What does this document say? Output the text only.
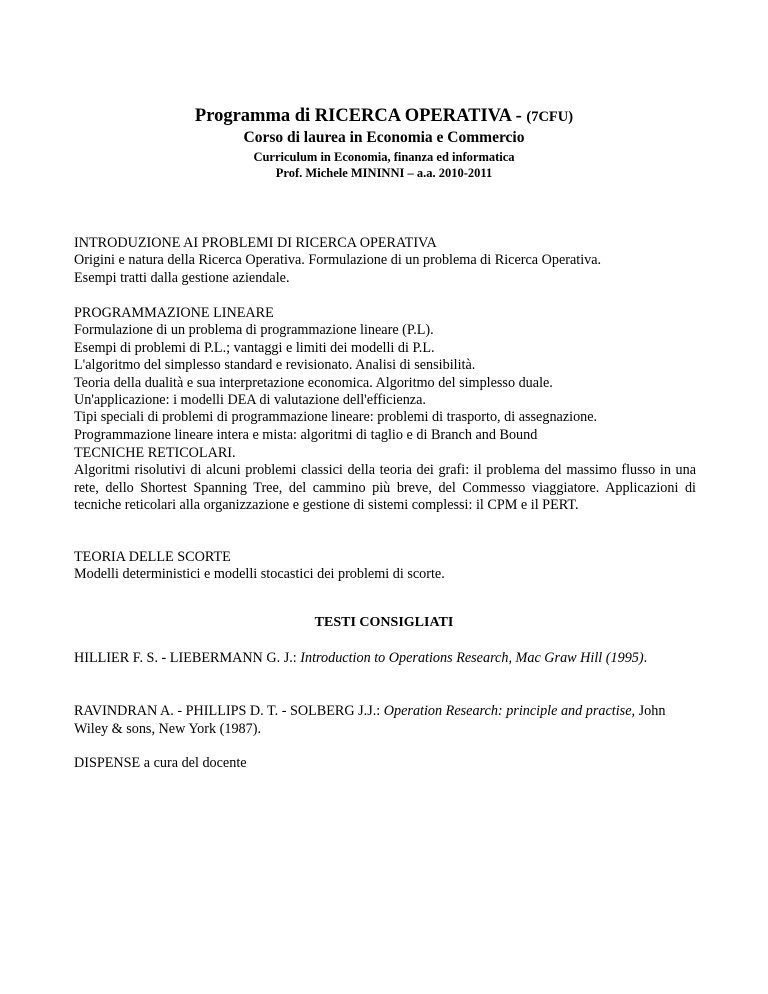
Programma di RICERCA OPERATIVA - (7CFU)
Corso di laurea in Economia e Commercio
Curriculum in Economia, finanza ed informatica
Prof. Michele MININNI – a.a. 2010-2011
INTRODUZIONE AI PROBLEMI DI RICERCA OPERATIVA
Origini e natura della Ricerca Operativa. Formulazione di un problema di Ricerca Operativa.
Esempi tratti dalla gestione aziendale.
PROGRAMMAZIONE LINEARE
Formulazione di un problema di programmazione lineare (P.L).
Esempi di problemi di P.L.; vantaggi e limiti dei modelli di P.L.
L'algoritmo del simplesso standard e revisionato. Analisi di sensibilità.
Teoria della dualità e sua interpretazione economica. Algoritmo del simplesso duale.
Un'applicazione: i modelli DEA di valutazione dell'efficienza.
Tipi speciali di problemi di programmazione lineare: problemi di trasporto, di assegnazione.
Programmazione lineare intera e mista: algoritmi di taglio e di Branch and Bound
TECNICHE RETICOLARI.
Algoritmi risolutivi di alcuni problemi classici della teoria dei grafi: il problema del massimo flusso in una rete, dello Shortest Spanning Tree, del cammino più breve, del Commesso viaggiatore. Applicazioni di tecniche reticolari alla organizzazione e gestione di sistemi complessi: il CPM e il PERT.
TEORIA DELLE SCORTE
Modelli deterministici e modelli stocastici dei problemi di scorte.
TESTI CONSIGLIATI
HILLIER F. S. - LIEBERMANN G. J.: Introduction to Operations Research, Mac Graw Hill (1995).
RAVINDRAN A. - PHILLIPS D. T. - SOLBERG J.J.: Operation Research: principle and practise, John Wiley & sons, New York (1987).
DISPENSE a cura del docente
